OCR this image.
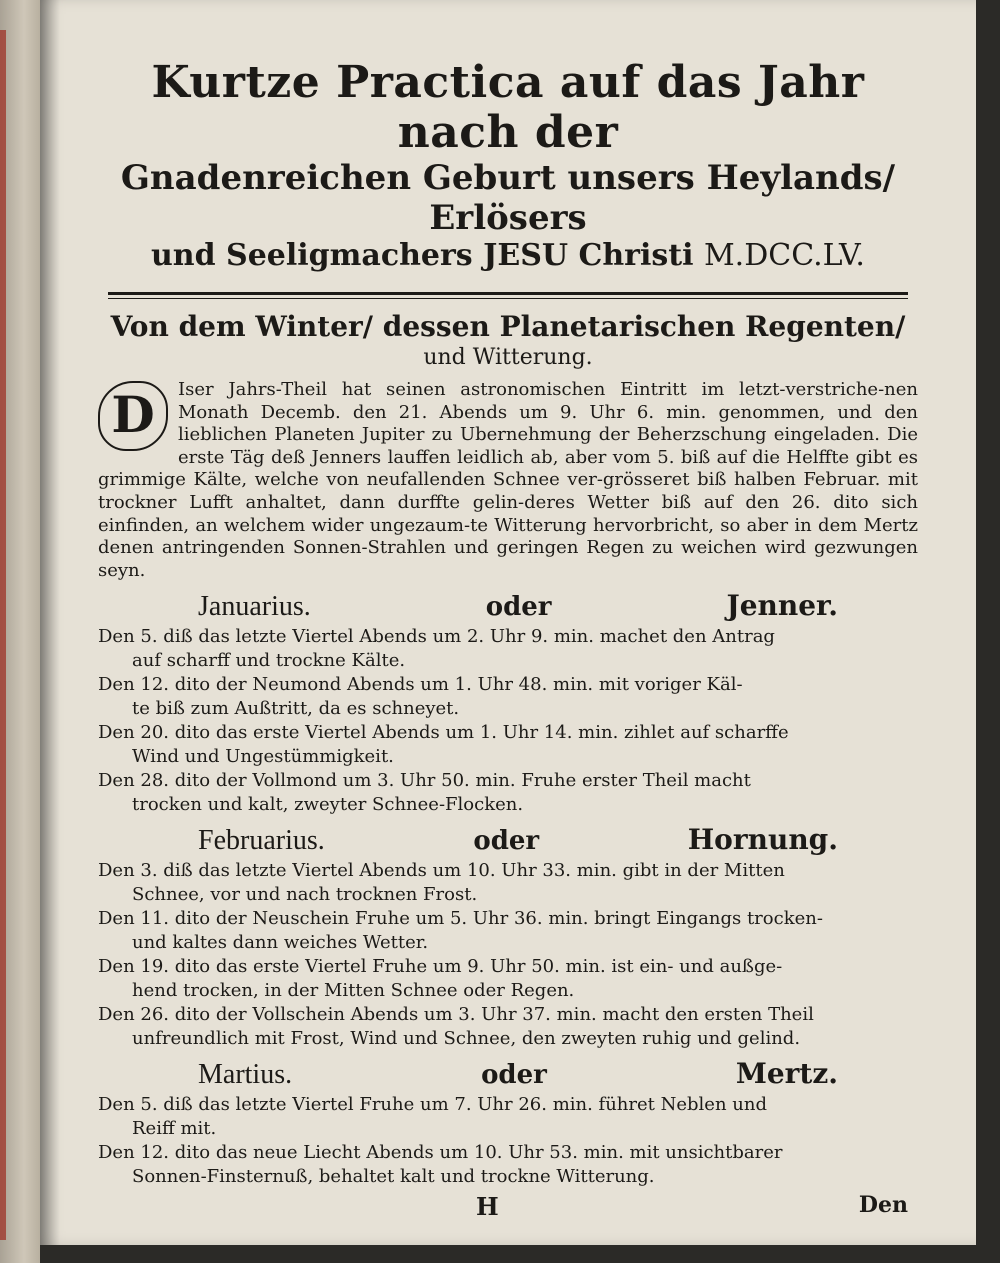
Kurtze Practica auf das Jahr nach der

Gnadenreichen Geburt unsers Heylands/ Erlösers

und Seeligmachers JESU Christi M.DCC.LV.

Von dem Winter/ dessen Planetarischen Regenten/
und Witterung.
D	Iser Jahrs-Theil hat seinen astronomischen Eintritt im letzt-verstriche-nen Monath Decemb. den 21. Abends um 9. Uhr 6. min. genommen, und den lieblichen Planeten Jupiter zu Ubernehmung der Beherzschung eingeladen. Die erste Täg deß Jenners lauffen leidlich ab, aber vom 5. biß auf die Helffte gibt es grimmige Kälte, welche von neufallenden Schnee ver-grösseret biß halben Februar. mit trockner Lufft anhaltet, dann durffte gelin-deres Wetter biß auf den 26. dito sich einfinden, an welchem wider ungezaum-te Witterung hervorbricht, so aber in dem Mertz denen antringenden Sonnen-Strahlen und geringen Regen zu weichen wird gezwungen seyn.
Januarius.	oder	Jenner.
Den 5. diß das letzte Viertel Abends um 2. Uhr 9. min. machet den Antrag
auf scharff und trockne Kälte.
Den 12. dito der Neumond Abends um 1. Uhr 48. min. mit voriger Käl-
te biß zum Außtritt, da es schneyet.
Den 20. dito das erste Viertel Abends um 1. Uhr 14. min. zihlet auf scharffe
Wind und Ungestümmigkeit.
Den 28. dito der Vollmond um 3. Uhr 50. min. Fruhe erster Theil macht
trocken und kalt, zweyter Schnee-Flocken.
Februarius.	oder	Hornung.
Den 3. diß das letzte Viertel Abends um 10. Uhr 33. min. gibt in der Mitten
Schnee, vor und nach trocknen Frost.
Den 11. dito der Neuschein Fruhe um 5. Uhr 36. min. bringt Eingangs trocken-
und kaltes dann weiches Wetter.
Den 19. dito das erste Viertel Fruhe um 9. Uhr 50. min. ist ein- und außge-
hend trocken, in der Mitten Schnee oder Regen.
Den 26. dito der Vollschein Abends um 3. Uhr 37. min. macht den ersten Theil
unfreundlich mit Frost, Wind und Schnee, den zweyten ruhig und gelind.
Martius.	oder	Mertz.
Den 5. diß das letzte Viertel Fruhe um 7. Uhr 26. min. führet Neblen und
Reiff mit.
Den 12. dito das neue Liecht Abends um 10. Uhr 53. min. mit unsichtbarer
Sonnen-Finsternuß, behaltet kalt und trockne Witterung.
H	Den
